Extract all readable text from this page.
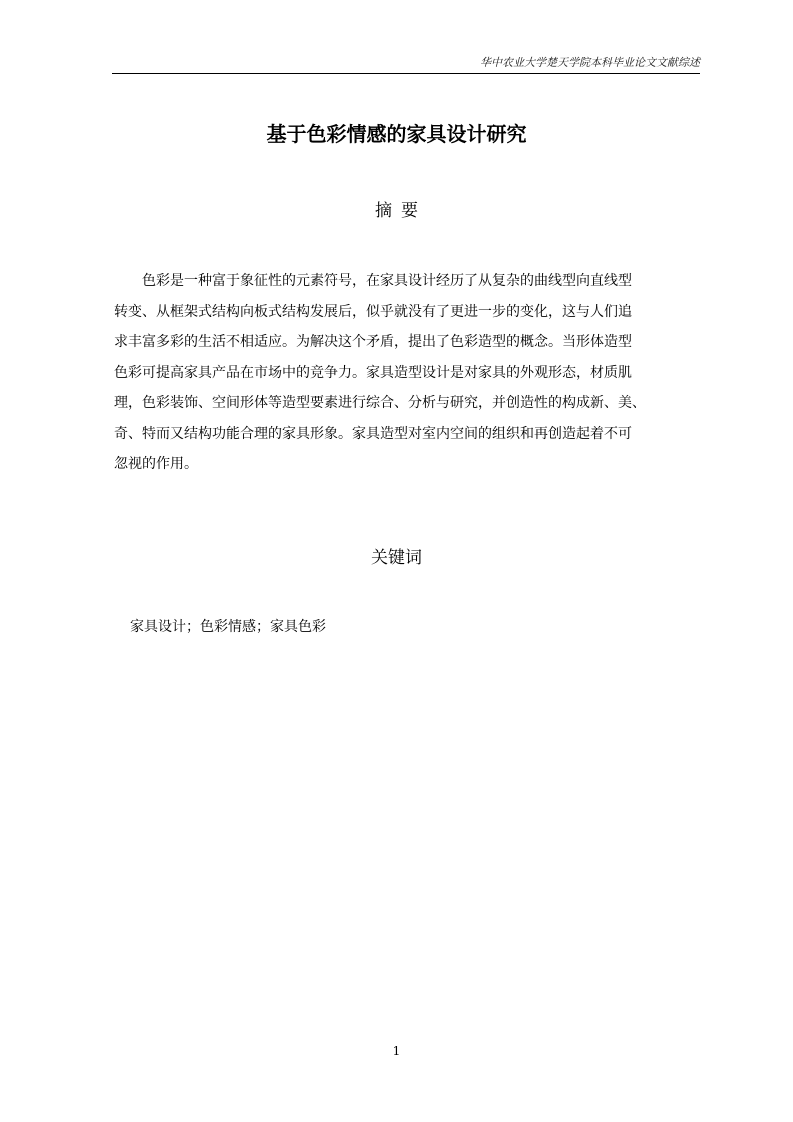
华中农业大学楚天学院本科毕业论文文献综述
基于色彩情感的家具设计研究
摘要
色彩是一种富于象征性的元素符号，在家具设计经历了从复杂的曲线型向直线型
转变、从框架式结构向板式结构发展后，似乎就没有了更进一步的变化，这与人们追
求丰富多彩的生活不相适应。为解决这个矛盾，提出了色彩造型的概念。当形体造型
色彩可提高家具产品在市场中的竞争力。家具造型设计是对家具的外观形态，材质肌
理，色彩装饰、空间形体等造型要素进行综合、分析与研究，并创造性的构成新、美、
奇、特而又结构功能合理的家具形象。家具造型对室内空间的组织和再创造起着不可
忽视的作用。
关键词
家具设计；色彩情感；家具色彩
1
